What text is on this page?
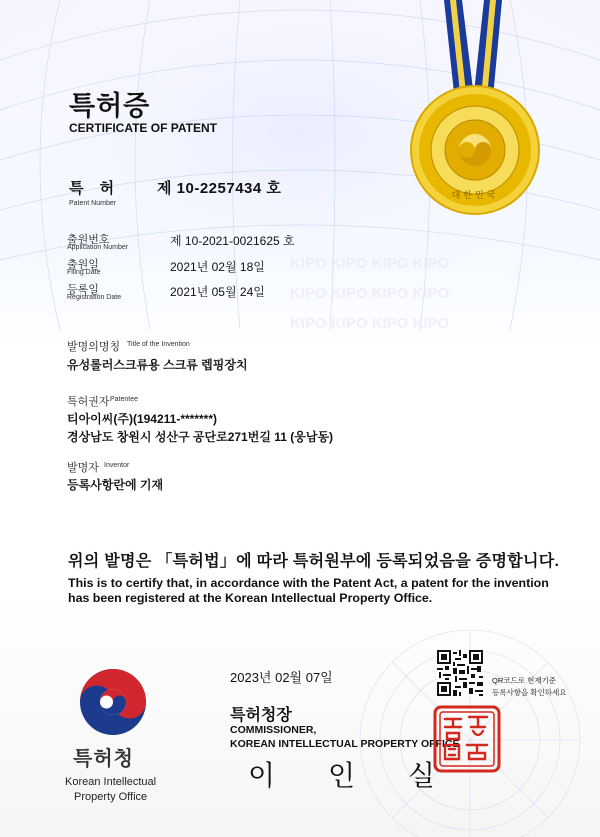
KIPO KIPO KIPO KIPO
KIPO KIPO KIPO KIPO
KIPO KIPO KIPO KIPO
대한민국
특허증
CERTIFICATE OF PATENT
특 허
Patent Number
제 10-2257434 호
출원번호
Application Number	제 10-2021-0021625 호
출원일
Filing Date	2021년 02월 18일
등록일
Registration Date	2021년 05월 24일
발명의명칭 Title of the Invention
유성롤러스크류용 스크류 렙핑장치
특허권자 Patentee
티아이씨(주)(194211-*******)
경상남도 창원시 성산구 공단로271번길 11 (웅남동)
발명자 Inventor
등록사항란에 기재
위의 발명은 「특허법」에 따라 특허원부에 등록되었음을 증명합니다.
This is to certify that, in accordance with the Patent Act, a patent for the invention
has been registered at the Korean Intellectual Property Office.
2023년 02월 07일	QR코드로 현재기준
등록사항을 확인하세요
특허청장
COMMISSIONER,
KOREAN INTELLECTUAL PROPERTY OFFICE
이 인 실
특허청
Korean Intellectual
Property Office
